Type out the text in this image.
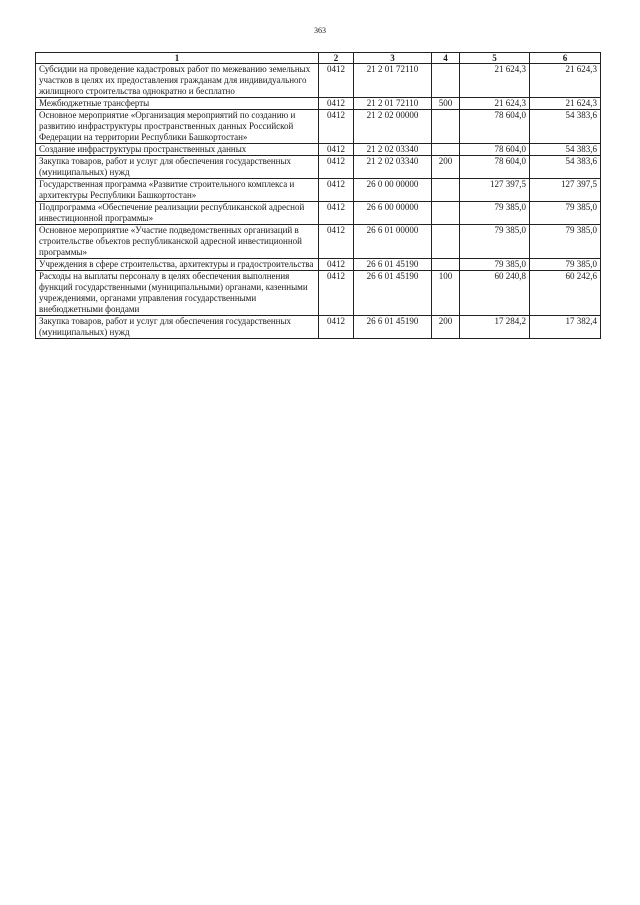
363
1	2	3	4	5	6
Субсидии на проведение кадастровых работ по межеванию земельных участков в целях их предоставления гражданам для индивидуального жилищного строительства однократно и бесплатно	0412	21 2 01 72110		21 624,3	21 624,3
Межбюджетные трансферты	0412	21 2 01 72110	500	21 624,3	21 624,3
Основное мероприятие «Организация мероприятий по созданию и развитию инфраструктуры пространственных данных Российской Федерации на территории Республики Башкортостан»	0412	21 2 02 00000		78 604,0	54 383,6
Создание инфраструктуры пространственных данных	0412	21 2 02 03340		78 604,0	54 383,6
Закупка товаров, работ и услуг для обеспечения государственных (муниципальных) нужд	0412	21 2 02 03340	200	78 604,0	54 383,6
Государственная программа «Развитие строительного комплекса и архитектуры Республики Башкортостан»	0412	26 0 00 00000		127 397,5	127 397,5
Подпрограмма «Обеспечение реализации республиканской адресной инвестиционной программы»	0412	26 6 00 00000		79 385,0	79 385,0
Основное мероприятие «Участие подведомственных организаций в строительстве объектов республиканской адресной инвестиционной программы»	0412	26 6 01 00000		79 385,0	79 385,0
Учреждения в сфере строительства, архитектуры и градостроительства	0412	26 6 01 45190		79 385,0	79 385,0
Расходы на выплаты персоналу в целях обеспечения выполнения функций государственными (муниципальными) органами, казенными учреждениями, органами управления государственными внебюджетными фондами	0412	26 6 01 45190	100	60 240,8	60 242,6
Закупка товаров, работ и услуг для обеспечения государственных (муниципальных) нужд	0412	26 6 01 45190	200	17 284,2	17 382,4
